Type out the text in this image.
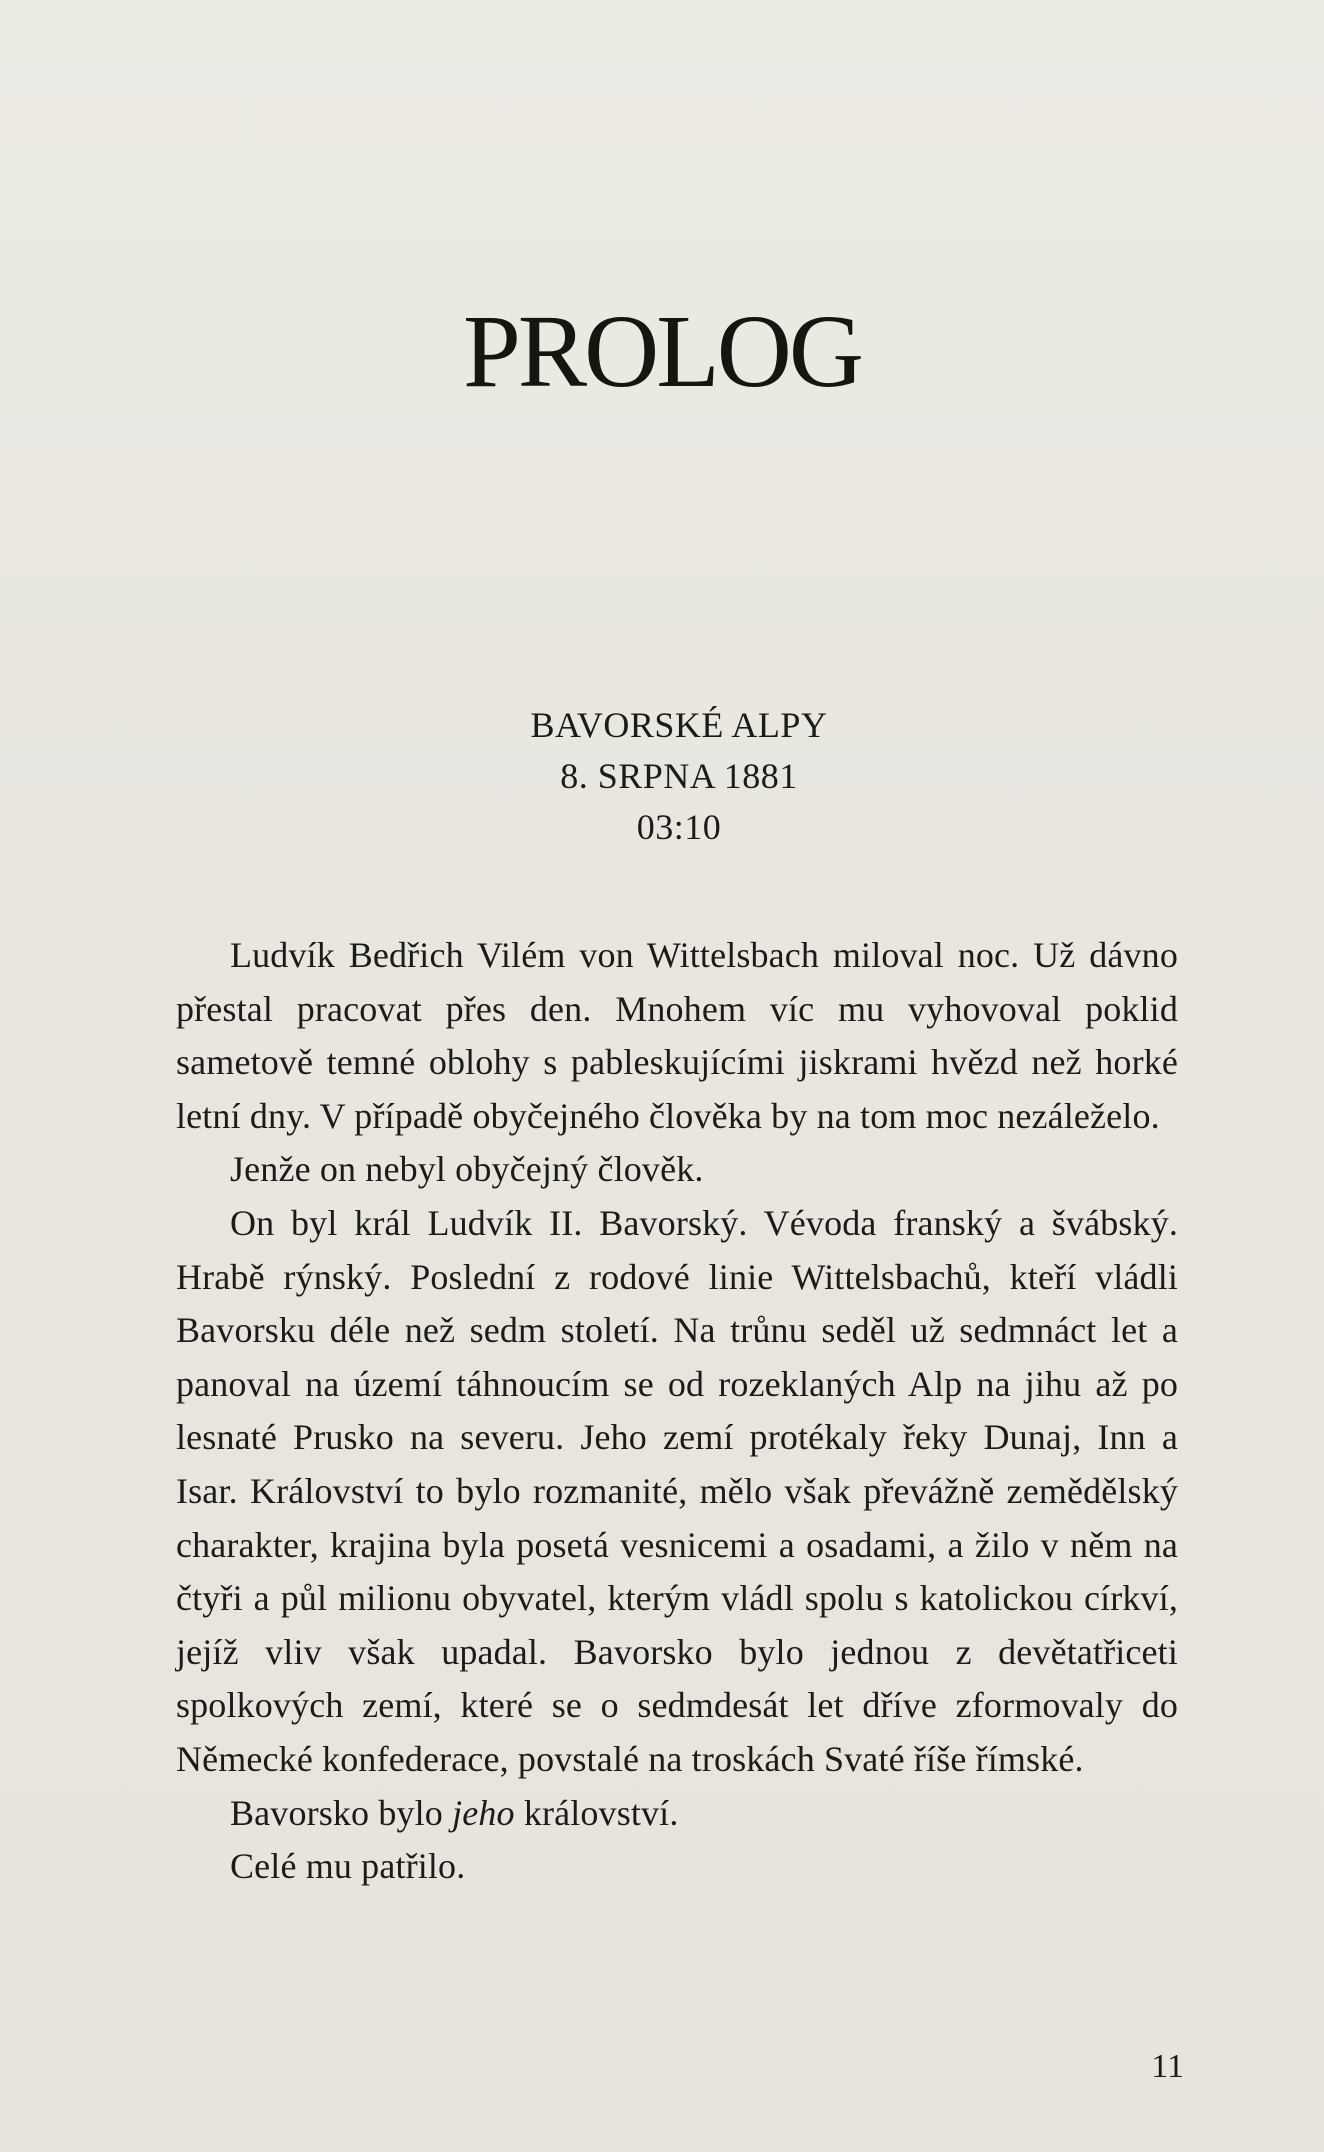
PROLOG
BAVORSKÉ ALPY
8. SRPNA 1881
03:10

Ludvík Bedřich Vilém von Wittelsbach miloval noc. Už dávno přestal pracovat přes den. Mnohem víc mu vyhovoval poklid sametově temné oblohy s pableskujícími jiskrami hvězd než horké letní dny. V případě obyčejného člověka by na tom moc nezáleželo.

Jenže on nebyl obyčejný člověk.

On byl král Ludvík II. Bavorský. Vévoda franský a švábský. Hrabě rýnský. Poslední z rodové linie Wittelsbachů, kteří vládli Bavorsku déle než sedm století. Na trůnu seděl už sedmnáct let a panoval na území táhnoucím se od rozeklaných Alp na jihu až po lesnaté Prusko na severu. Jeho zemí protékaly řeky Dunaj, Inn a Isar. Království to bylo rozmanité, mělo však převážně zemědělský charakter, krajina byla posetá vesnicemi a osadami, a žilo v něm na čtyři a půl milionu obyvatel, kterým vládl spolu s katolickou církví, jejíž vliv však upadal. Bavorsko bylo jednou z devětatřiceti spolkových zemí, které se o sedmdesát let dříve zformovaly do Německé konfederace, povstalé na troskách Svaté říše římské.

Bavorsko bylo jeho království.

Celé mu patřilo.

11
